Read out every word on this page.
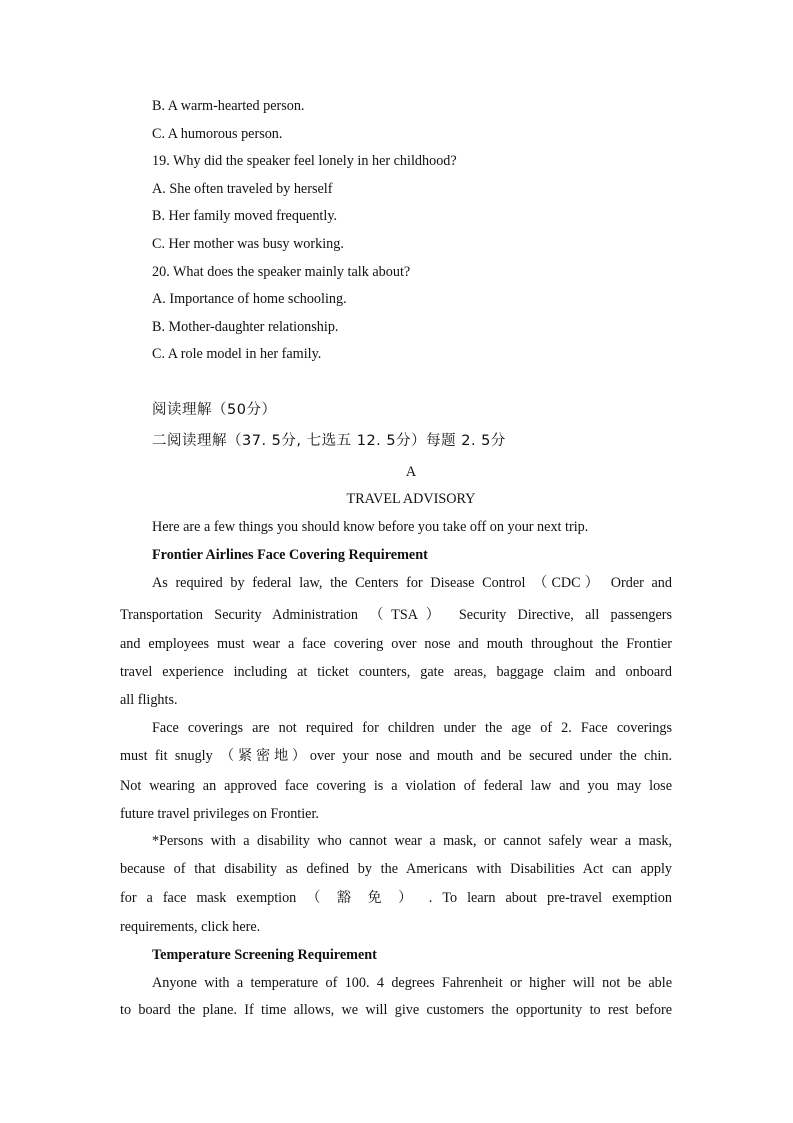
B. A warm-hearted person.
C. A humorous person.
19. Why did the speaker feel lonely in her childhood?
A. She often traveled by herself
B. Her family moved frequently.
C. Her mother was busy working.
20. What does the speaker mainly talk about?
A. Importance of home schooling.
B. Mother-daughter relationship.
C. A role model in her family.
阅读理解（50分）
二阅读理解（37. 5分, 七选五 12. 5分）每题 2. 5分
A
TRAVEL ADVISORY
Here are a few things you should know before you take off on your next trip.
Frontier Airlines Face Covering Requirement
As required by federal law, the Centers for Disease Control （CDC） Order and
Transportation Security Administration （TSA） Security Directive, all passengers
and employees must wear a face covering over nose and mouth throughout the Frontier
travel experience including at ticket counters, gate areas, baggage claim and onboard
all flights.
Face coverings are not required for children under the age of 2. Face coverings
must fit snugly （紧密地）over your nose and mouth and be secured under the chin.
Not wearing an approved face covering is a violation of federal law and you may lose
future travel privileges on Frontier.
*Persons with a disability who cannot wear a mask, or cannot safely wear a mask,
because of that disability as defined by the Americans with Disabilities Act can apply
for a face mask exemption （ 豁 免 ） . To learn about pre-travel exemption
requirements, click here.
Temperature Screening Requirement
Anyone with a temperature of 100. 4 degrees Fahrenheit or higher will not be able
to board the plane. If time allows, we will give customers the opportunity to rest before
